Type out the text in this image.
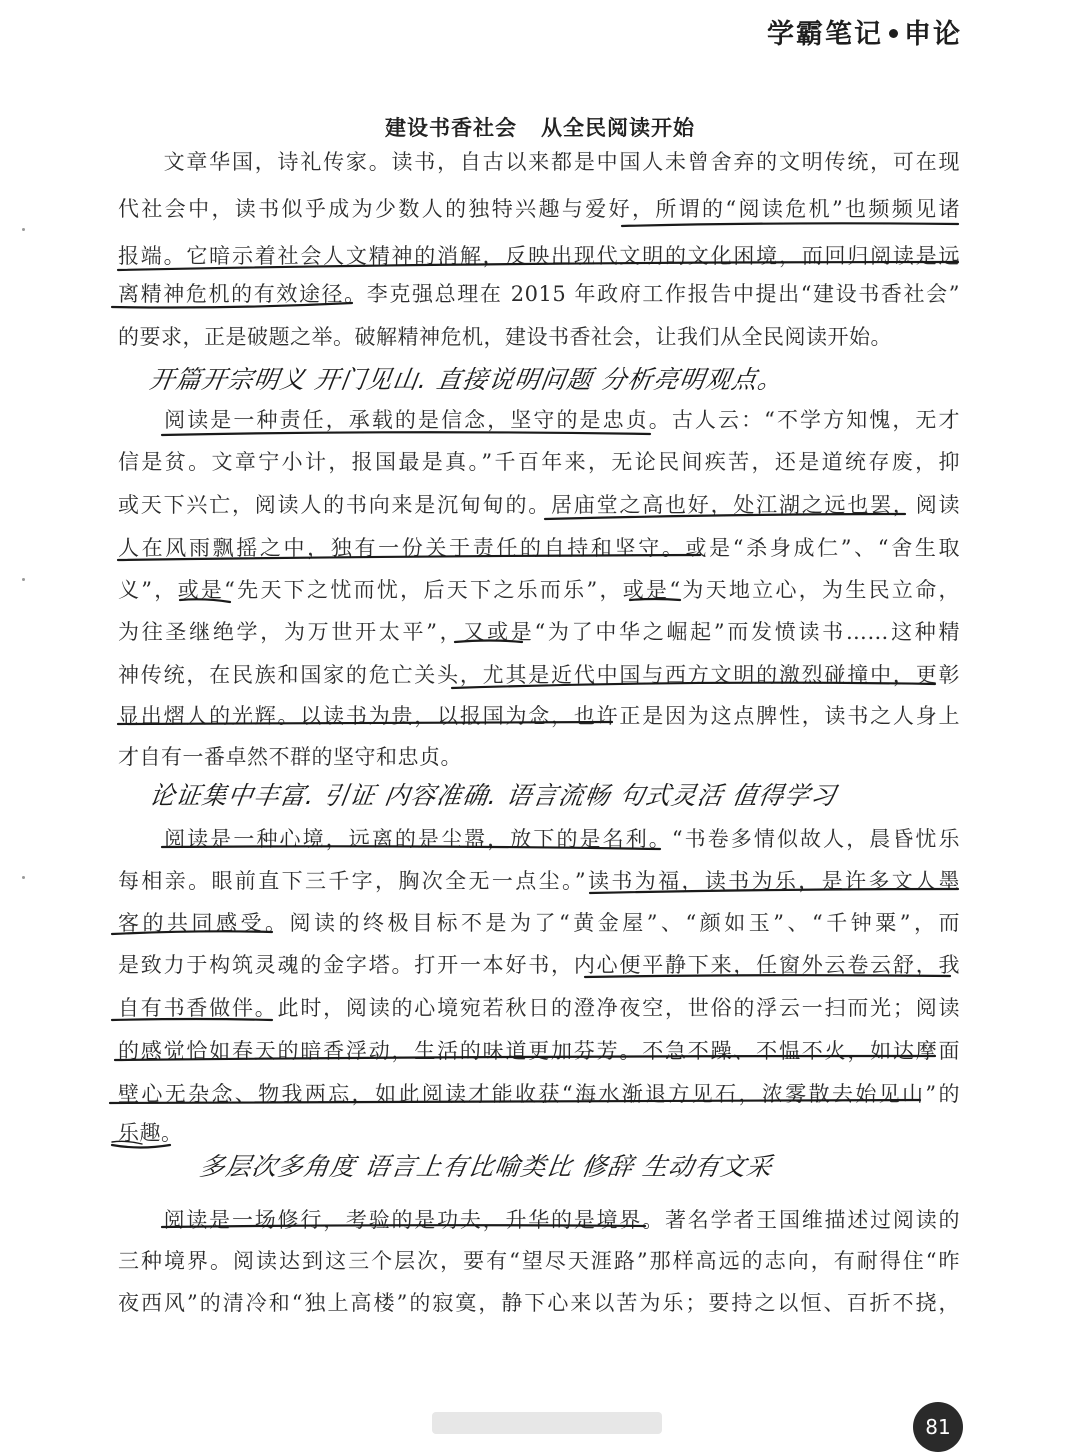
学霸笔记 申论
建设书香社会 从全民阅读开始
　　文章华国，诗礼传家。读书，自古以来都是中国人未曾舍弃的文明传统，可在现
代社会中，读书似乎成为少数人的独特兴趣与爱好，所谓的“阅读危机”也频频见诸
报端。它暗示着社会人文精神的消解，反映出现代文明的文化困境，而回归阅读是远
离精神危机的有效途径。李克强总理在 2015 年政府工作报告中提出“建设书香社会”
的要求，正是破题之举。破解精神危机，建设书香社会，让我们从全民阅读开始。
开篇开宗明义 开门见山. 直接说明问题 分析亮明观点。
　　阅读是一种责任，承载的是信念，坚守的是忠贞。古人云：“不学方知愧，无才
信是贫。文章宁小计，报国最是真。”千百年来，无论民间疾苦，还是道统存废，抑
或天下兴亡，阅读人的书向来是沉甸甸的。居庙堂之高也好，处江湖之远也罢，阅读
人在风雨飘摇之中，独有一份关于责任的自持和坚守。或是“杀身成仁”、“舍生取
义”，或是“先天下之忧而忧，后天下之乐而乐”，或是“为天地立心，为生民立命，
为往圣继绝学，为万世开太平”，又或是“为了中华之崛起”而发愤读书……这种精
神传统，在民族和国家的危亡关头，尤其是近代中国与西方文明的激烈碰撞中，更彰
显出熠人的光辉。以读书为贵，以报国为念，也许正是因为这点脾性，读书之人身上
才自有一番卓然不群的坚守和忠贞。
论证集中丰富. 引证 内容准确. 语言流畅 句式灵活 值得学习
　　阅读是一种心境，远离的是尘嚣，放下的是名利。“书卷多情似故人，晨昏忧乐
每相亲。眼前直下三千字，胸次全无一点尘。”读书为福，读书为乐，是许多文人墨
客的共同感受。阅读的终极目标不是为了“黄金屋”、“颜如玉”、“千钟粟”，而
是致力于构筑灵魂的金字塔。打开一本好书，内心便平静下来，任窗外云卷云舒，我
自有书香做伴。此时，阅读的心境宛若秋日的澄净夜空，世俗的浮云一扫而光；阅读
的感觉恰如春天的暗香浮动，生活的味道更加芬芳。不急不躁、不愠不火，如达摩面
壁心无杂念、物我两忘，如此阅读才能收获“海水渐退方见石，浓雾散去始见山”的
乐趣。
多层次多角度 语言上有比喻类比 修辞 生动有文采
　　阅读是一场修行，考验的是功夫，升华的是境界。著名学者王国维描述过阅读的
三种境界。阅读达到这三个层次，要有“望尽天涯路”那样高远的志向，有耐得住“昨
夜西风”的清冷和“独上高楼”的寂寞，静下心来以苦为乐；要持之以恒、百折不挠，
81
